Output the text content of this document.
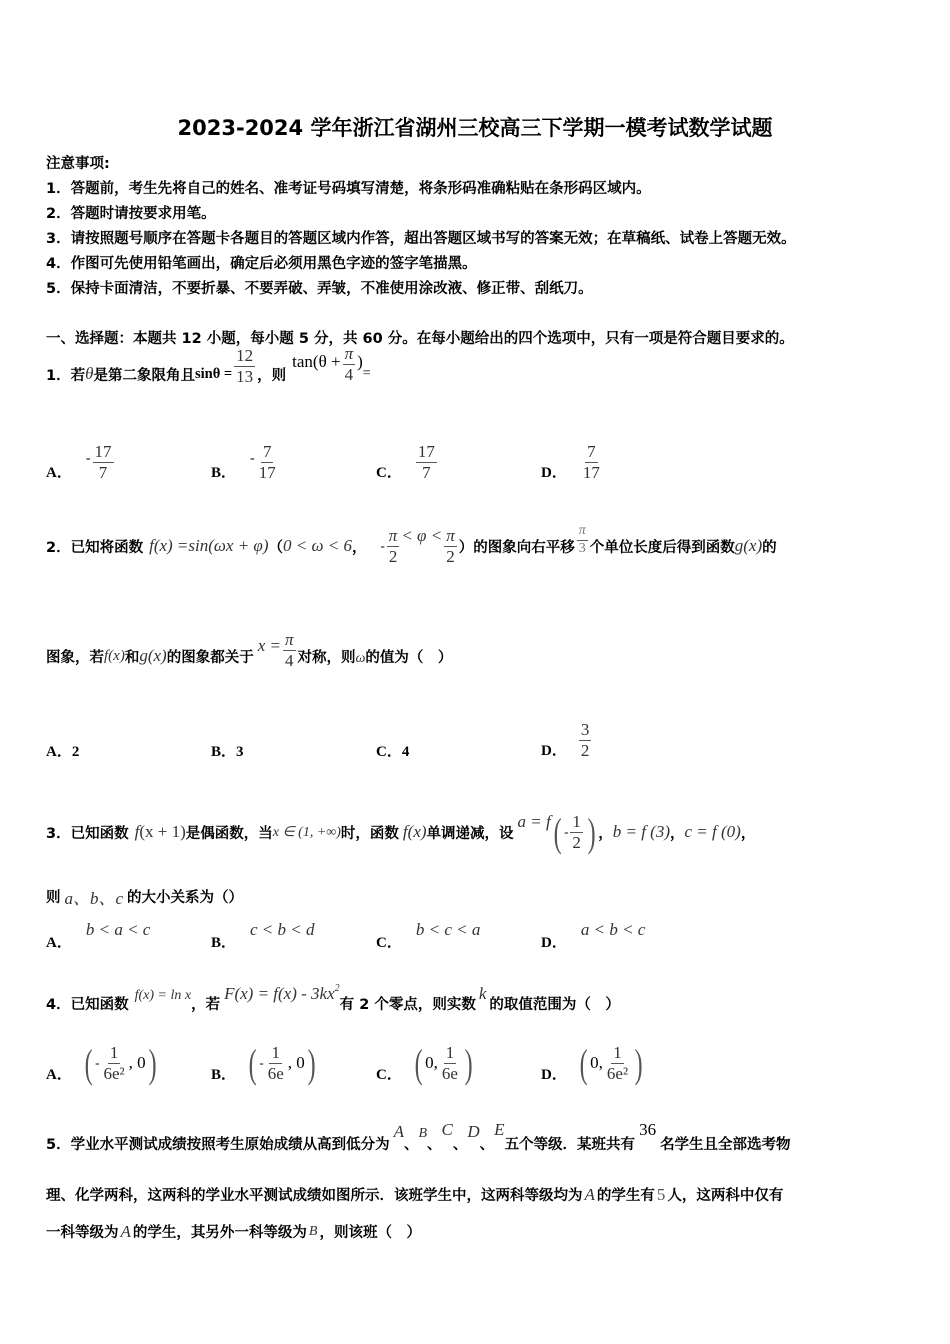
2023-2024 学年浙江省湖州三校高三下学期一模考试数学试题
注意事项:
1．答题前，考生先将自己的姓名、准考证号码填写清楚，将条形码准确粘贴在条形码区域内。
2．答题时请按要求用笔。
3．请按照题号顺序在答题卡各题目的答题区域内作答，超出答题区域书写的答案无效；在草稿纸、试卷上答题无效。
4．作图可先使用铅笔画出，确定后必须用黑色字迹的签字笔描黑。
5．保持卡面清洁，不要折暴、不要弄破、弄皱，不准使用涂改液、修正带、刮纸刀。
一、选择题：本题共 12 小题，每小题 5 分，共 60 分。在每小题给出的四个选项中，只有一项是符合题目要求的。
1． 若 θ 是第二象限角且 $\sin\theta = \frac{12}{13}$ ，则
$\tan(\theta + \frac{\pi}{4}$ )
=
A．
- $\frac{17}{7}$	B．
- $\frac{7}{17}$	C． $\frac{17}{7}$	D． $\frac{7}{17}$
2． 已知将函数 f(x) =sin(ωx + φ) （ 0 < ω < 6 ， - $\frac{\pi}{2} < \varphi < \frac{\pi}{2}$ ）的图象向右平移 $\frac{\pi}{3}$ 个单位长度后得到函数 g(x) 的
图象，若 f(x) 和 g(x) 的图象都关于
$x = \frac{\pi}{4}$ 对称，则 ω 的值为（　）
A．2	B．3	C．4	D． $\frac{3}{2}$
3． 已知函数 f (x + 1) 是偶函数，当 x ∈ (1, +∞) 时，函数 f (x) 单调递减，设
a = f ( - $\frac{1}{2}$ ) ， b = f (3) ， c = f (0) ，
则 a、b、c 的大小关系为（）
A．
b < a < c
B．
c < b < d
C．
b < c < a
D．
a < b < c
4． 已知函数
f(x) = ln x
，若
F(x) = f(x) - 3kx 2
有 2 个零点，则实数
k
的取值范围为（　）
A． ( - $\frac{1}{\text{6e²}}$ , 0 )	B． ( - $\frac{1}{6e}$ , 0 )	C． ( 0, $\frac{1}{6e}$ )	D． ( 0, $\frac{1}{\text{6e²}}$ )
5． 学业水平测试成绩按照考生原始成绩从高到低分为
A
、
B
、
C
、
D
、
E
五个等级．某班共有
36
名学生且全部选考物
理、化学两科，这两科的学业水平测试成绩如图所示．该班学生中，这两科等级均为 A 的学生有 5 人，这两科中仅有
一科等级为 A 的学生，其另外一科等级为 B ，则该班（　）
